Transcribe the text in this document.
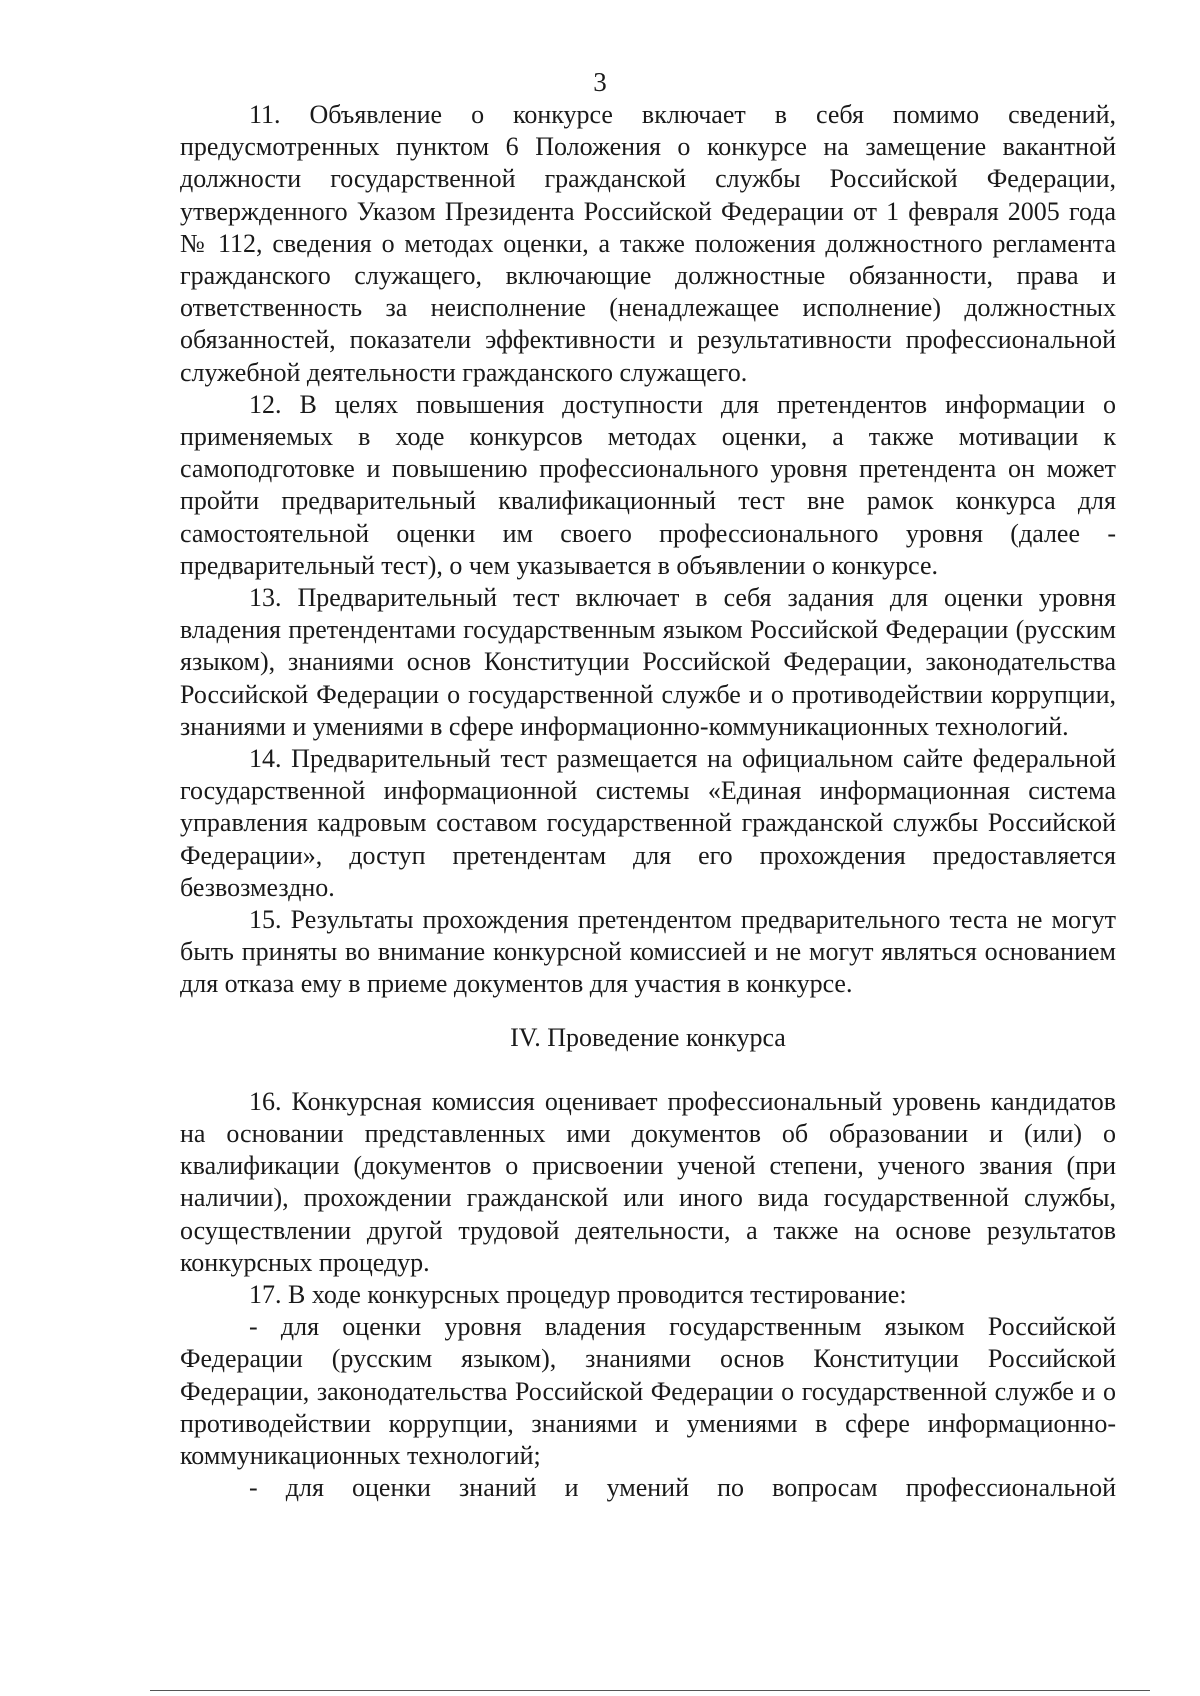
3

11. Объявление о конкурсе включает в себя помимо сведений, предусмотренных пунктом 6 Положения о конкурсе на замещение вакантной должности государственной гражданской службы Российской Федерации, утвержденного Указом Президента Российской Федерации от 1 февраля 2005 года № 112, сведения о методах оценки, а также положения должностного регламента гражданского служащего, включающие должностные обязанности, права и ответственность за неисполнение (ненадлежащее исполнение) должностных обязанностей, показатели эффективности и результативности профессиональной служебной деятельности гражданского служащего.

12. В целях повышения доступности для претендентов информации о применяемых в ходе конкурсов методах оценки, а также мотивации к самоподготовке и повышению профессионального уровня претендента он может пройти предварительный квалификационный тест вне рамок конкурса для самостоятельной оценки им своего профессионального уровня (далее - предварительный тест), о чем указывается в объявлении о конкурсе.

13. Предварительный тест включает в себя задания для оценки уровня владения претендентами государственным языком Российской Федерации (русским языком), знаниями основ Конституции Российской Федерации, законодательства Российской Федерации о государственной службе и о противодействии коррупции, знаниями и умениями в сфере информационно-коммуникационных технологий.

14. Предварительный тест размещается на официальном сайте федеральной государственной информационной системы «Единая информационная система управления кадровым составом государственной гражданской службы Российской Федерации», доступ претендентам для его прохождения предоставляется безвозмездно.

15. Результаты прохождения претендентом предварительного теста не могут быть приняты во внимание конкурсной комиссией и не могут являться основанием для отказа ему в приеме документов для участия в конкурсе.

IV. Проведение конкурса

16. Конкурсная комиссия оценивает профессиональный уровень кандидатов на основании представленных ими документов об образовании и (или) о квалификации (документов о присвоении ученой степени, ученого звания (при наличии), прохождении гражданской или иного вида государственной службы, осуществлении другой трудовой деятельности, а также на основе результатов конкурсных процедур.

17. В ходе конкурсных процедур проводится тестирование:

- для оценки уровня владения государственным языком Российской Федерации (русским языком), знаниями основ Конституции Российской Федерации, законодательства Российской Федерации о государственной службе и о противодействии коррупции, знаниями и умениями в сфере информационно-коммуникационных технологий;

- для оценки знаний и умений по вопросам профессиональной
